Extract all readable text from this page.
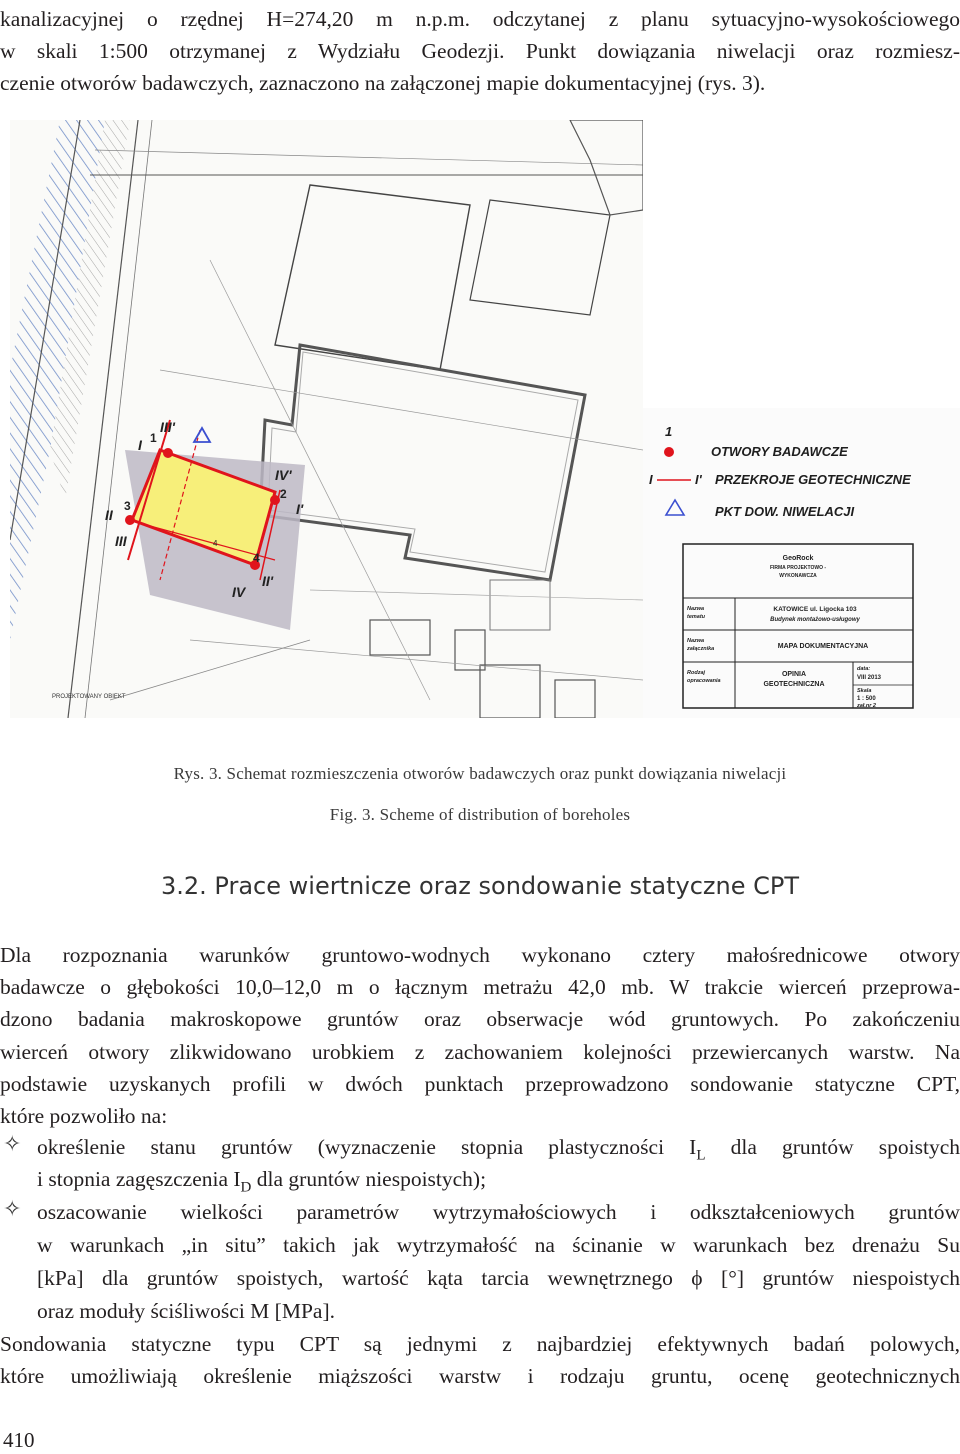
kanalizacyjnej o rzędnej H=274,20 m n.p.m. odczytanej z planu sytuacyjno-wysokościowego
w skali 1:500 otrzymanej z Wydziału Geodezji. Punkt dowiązania niwelacji oraz rozmiesz-
czenie otworów badawczych, zaznaczono na załączonej mapie dokumentacyjnej (rys. 3).
III'
I 1
IV'
2
I'
3
II
III
4
II'
IV
4
PROJEKTOWANY OBIEKT
1
OTWORY BADAWCZE
I	I' PRZEKROJE GEOTECHNICZNE
PKT DOW. NIWELACJI
GeoRock
FIRMA PROJEKTOWO -
WYKONAWCZA
Nazwa
tematu
KATOWICE ul. Ligocka 103
Budynek montażowo-usługowy
Nazwa
załącznika	MAPA DOKUMENTACYJNA
Rodzaj
opracowania
OPINIA
GEOTECHNICZNA
data:
VIII 2013
Skala
1 : 500
zał.nr 2
Rys. 3. Schemat rozmieszczenia otworów badawczych oraz punkt dowiązania niwelacji
Fig. 3. Scheme of distribution of boreholes
3.2. Prace wiertnicze oraz sondowanie statyczne CPT
Dla rozpoznania warunków gruntowo-wodnych wykonano cztery małośrednicowe otwory
badawcze o głębokości 10,0–12,0 m o łącznym metrażu 42,0 mb. W trakcie wierceń przeprowa-
dzono badania makroskopowe gruntów oraz obserwacje wód gruntowych. Po zakończeniu
wierceń otwory zlikwidowano urobkiem z zachowaniem kolejności przewiercanych warstw. Na
podstawie uzyskanych profili w dwóch punktach przeprowadzono sondowanie statyczne CPT,
które pozwoliło na:
✧ określenie stanu gruntów (wyznaczenie stopnia plastyczności $I_L$ dla gruntów spoistych
i stopnia zagęszczenia $I_D$ dla gruntów niespoistych);
✧ oszacowanie wielkości parametrów wytrzymałościowych i odkształceniowych gruntów
w warunkach „in situ” takich jak wytrzymałość na ścinanie w warunkach bez drenażu Su
[kPa] dla gruntów spoistych, wartość kąta tarcia wewnętrznego ϕ [°] gruntów niespoistych
oraz moduły ściśliwości M [MPa].
Sondowania statyczne typu CPT są jednymi z najbardziej efektywnych badań polowych,
które umożliwiają określenie miąższości warstw i rodzaju gruntu, ocenę geotechnicznych
410
